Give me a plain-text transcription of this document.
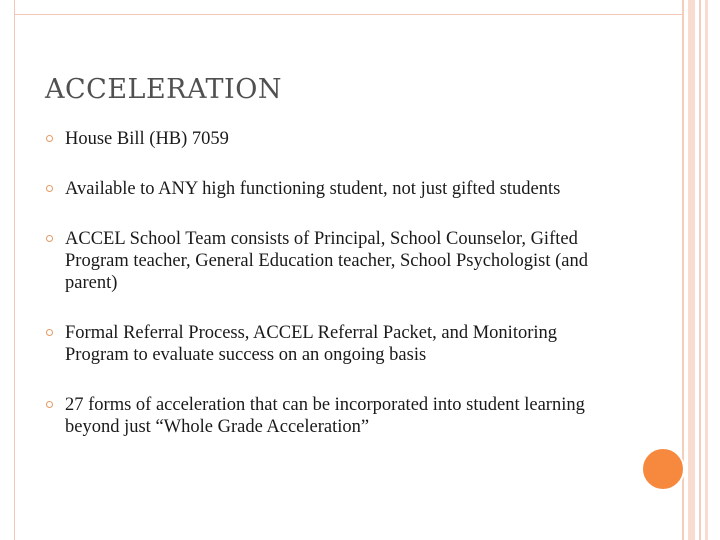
ACCELERATION
House Bill (HB) 7059
Available to ANY high functioning student, not just gifted students
ACCEL School Team consists of Principal, School Counselor, Gifted Program teacher, General Education teacher, School Psychologist (and parent)
Formal Referral Process, ACCEL Referral Packet, and Monitoring Program to evaluate success on an ongoing basis
27 forms of acceleration that can be incorporated into student learning beyond just “Whole Grade Acceleration”
